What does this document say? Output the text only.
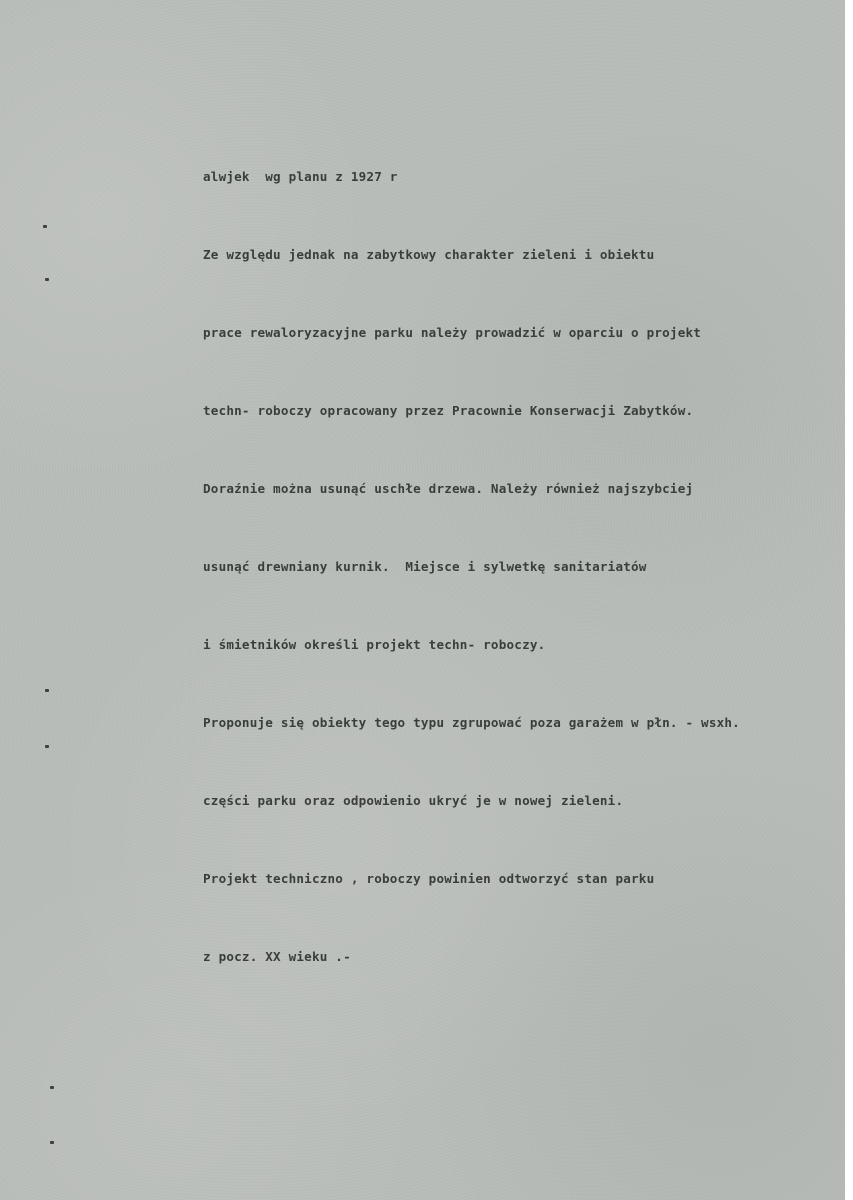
alwjek  wg planu z 1927 r

Ze względu jednak na zabytkowy charakter zieleni i obiektu

prace rewaloryzacyjne parku należy prowadzić w oparciu o projekt

techn- roboczy opracowany przez Pracownie Konserwacji Zabytków.

Doraźnie można usunąć uschłe drzewa. Należy również najszybciej

usunąć drewniany kurnik.  Miejsce i sylwetkę sanitariatów

i śmietników określi projekt techn- roboczy.

Proponuje się obiekty tego typu zgrupować poza garażem w płn. - wsxh.

części parku oraz odpowienio ukryć je w nowej zieleni.

Projekt techniczno , roboczy powinien odtworzyć stan parku

z pocz. XX wieku .-
